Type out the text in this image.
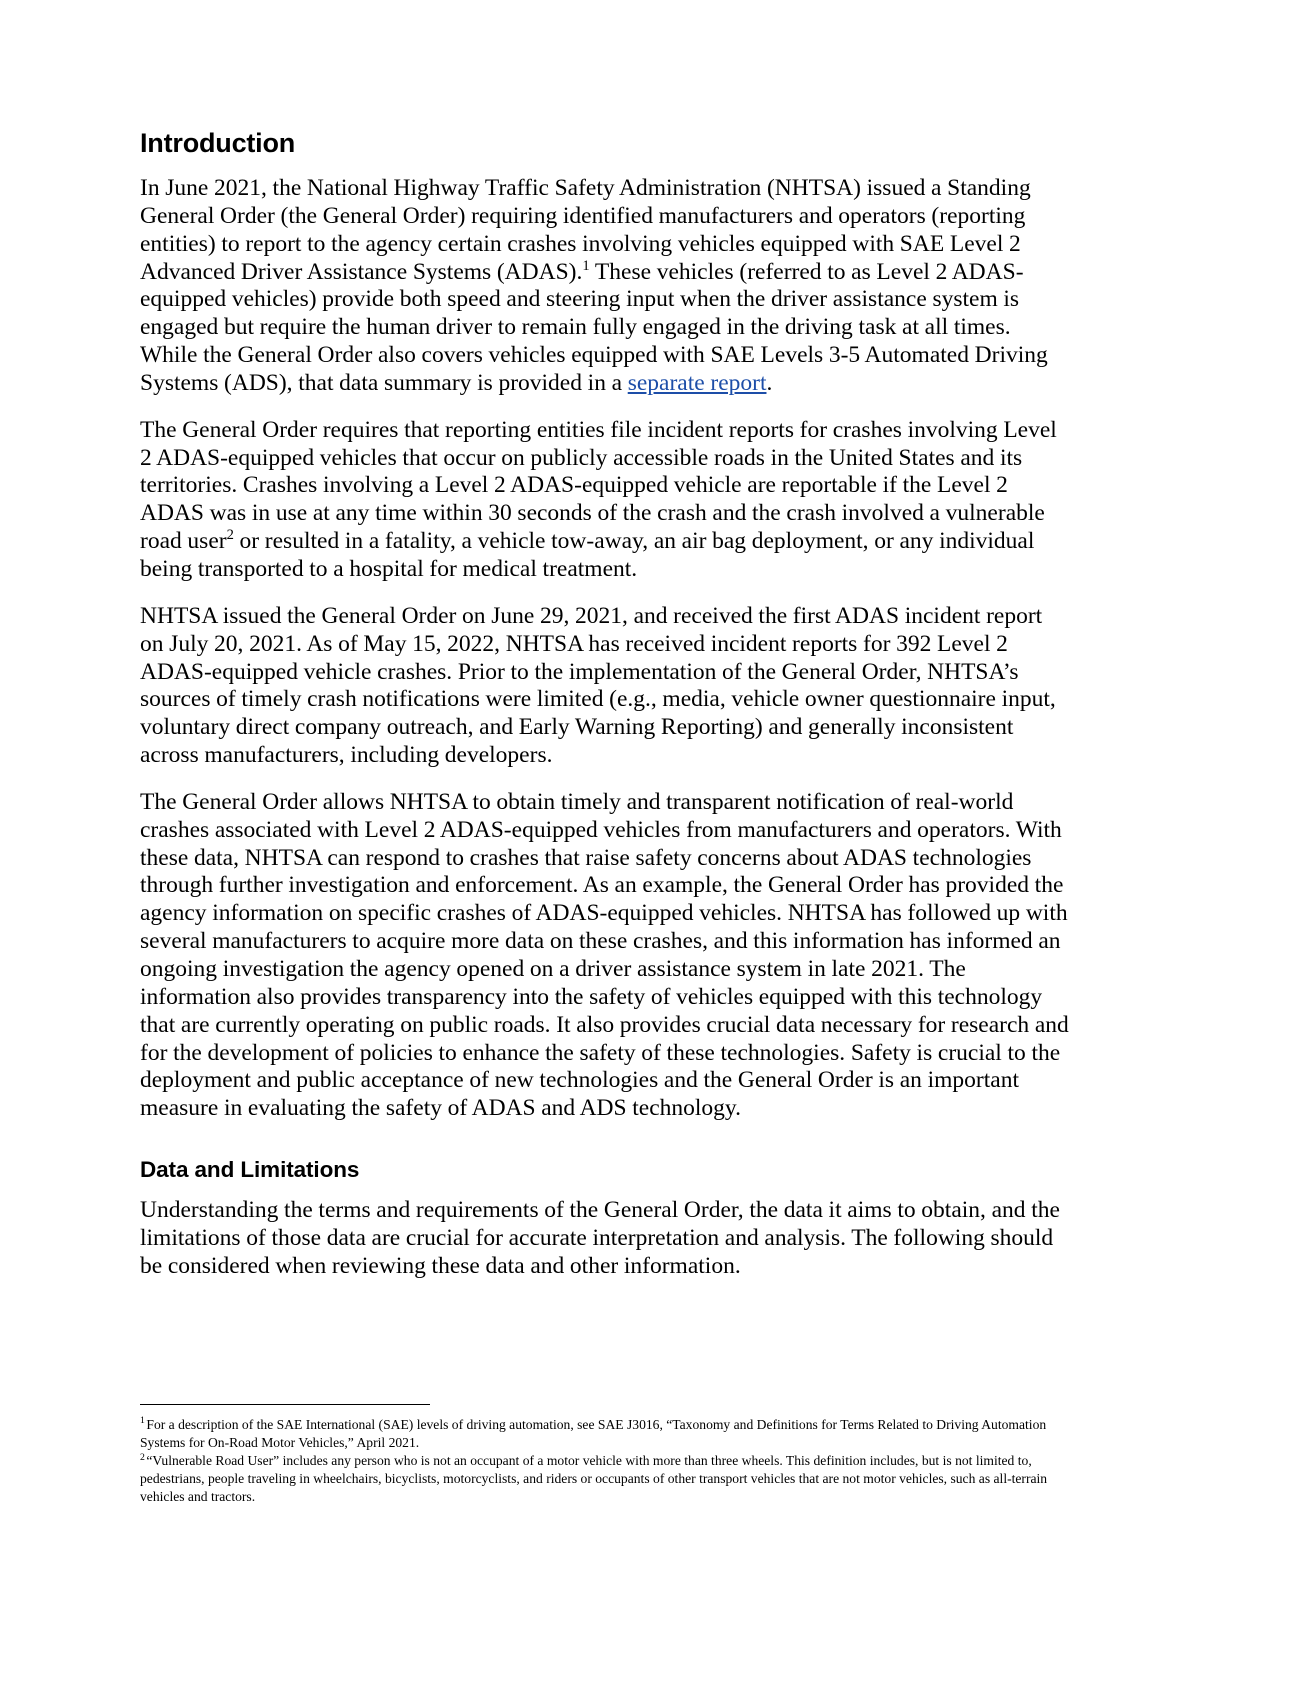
Introduction

In June 2021, the National Highway Traffic Safety Administration (NHTSA) issued a Standing General Order (the General Order) requiring identified manufacturers and operators (reporting entities) to report to the agency certain crashes involving vehicles equipped with SAE Level 2 Advanced Driver Assistance Systems (ADAS).$^1$ These vehicles (referred to as Level 2 ADAS-equipped vehicles) provide both speed and steering input when the driver assistance system is engaged but require the human driver to remain fully engaged in the driving task at all times. While the General Order also covers vehicles equipped with SAE Levels 3-5 Automated Driving Systems (ADS), that data summary is provided in a separate report.

The General Order requires that reporting entities file incident reports for crashes involving Level 2 ADAS-equipped vehicles that occur on publicly accessible roads in the United States and its territories. Crashes involving a Level 2 ADAS-equipped vehicle are reportable if the Level 2 ADAS was in use at any time within 30 seconds of the crash and the crash involved a vulnerable road user$^2$ or resulted in a fatality, a vehicle tow-away, an air bag deployment, or any individual being transported to a hospital for medical treatment.

NHTSA issued the General Order on June 29, 2021, and received the first ADAS incident report on July 20, 2021. As of May 15, 2022, NHTSA has received incident reports for 392 Level 2 ADAS-equipped vehicle crashes. Prior to the implementation of the General Order, NHTSA’s sources of timely crash notifications were limited (e.g., media, vehicle owner questionnaire input, voluntary direct company outreach, and Early Warning Reporting) and generally inconsistent across manufacturers, including developers.

The General Order allows NHTSA to obtain timely and transparent notification of real-world crashes associated with Level 2 ADAS-equipped vehicles from manufacturers and operators. With these data, NHTSA can respond to crashes that raise safety concerns about ADAS technologies through further investigation and enforcement. As an example, the General Order has provided the agency information on specific crashes of ADAS-equipped vehicles. NHTSA has followed up with several manufacturers to acquire more data on these crashes, and this information has informed an ongoing investigation the agency opened on a driver assistance system in late 2021. The information also provides transparency into the safety of vehicles equipped with this technology that are currently operating on public roads. It also provides crucial data necessary for research and for the development of policies to enhance the safety of these technologies. Safety is crucial to the deployment and public acceptance of new technologies and the General Order is an important measure in evaluating the safety of ADAS and ADS technology.

Data and Limitations

Understanding the terms and requirements of the General Order, the data it aims to obtain, and the limitations of those data are crucial for accurate interpretation and analysis. The following should be considered when reviewing these data and other information.

$^1$ For a description of the SAE International (SAE) levels of driving automation, see SAE J3016, “Taxonomy and Definitions for Terms Related to Driving Automation Systems for On-Road Motor Vehicles,” April 2021.

$^2$ “Vulnerable Road User” includes any person who is not an occupant of a motor vehicle with more than three wheels. This definition includes, but is not limited to, pedestrians, people traveling in wheelchairs, bicyclists, motorcyclists, and riders or occupants of other transport vehicles that are not motor vehicles, such as all-terrain vehicles and tractors.
